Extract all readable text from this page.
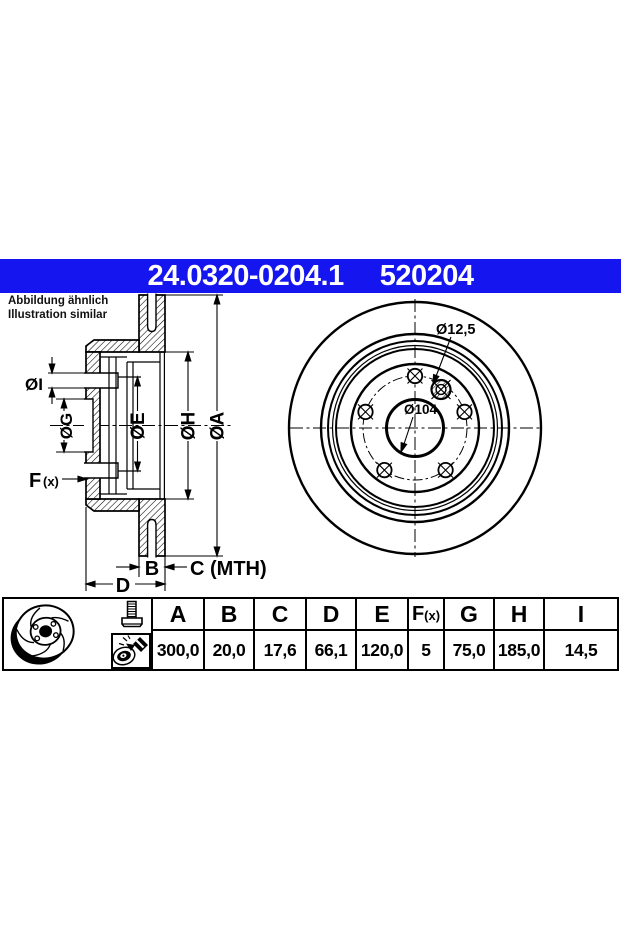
24.0320-0204.1 520204
Abbildung ähnlich
Illustration similar
ØI
ØG	ØE ØH ØA
F (x)
B C (MTH)
D
Ø12,5
Ø104
A
300,0
B
20,0
C
17,6
D
66,1
E
120,0
F (x)
5
G
75,0
H
185,0
I
14,5
